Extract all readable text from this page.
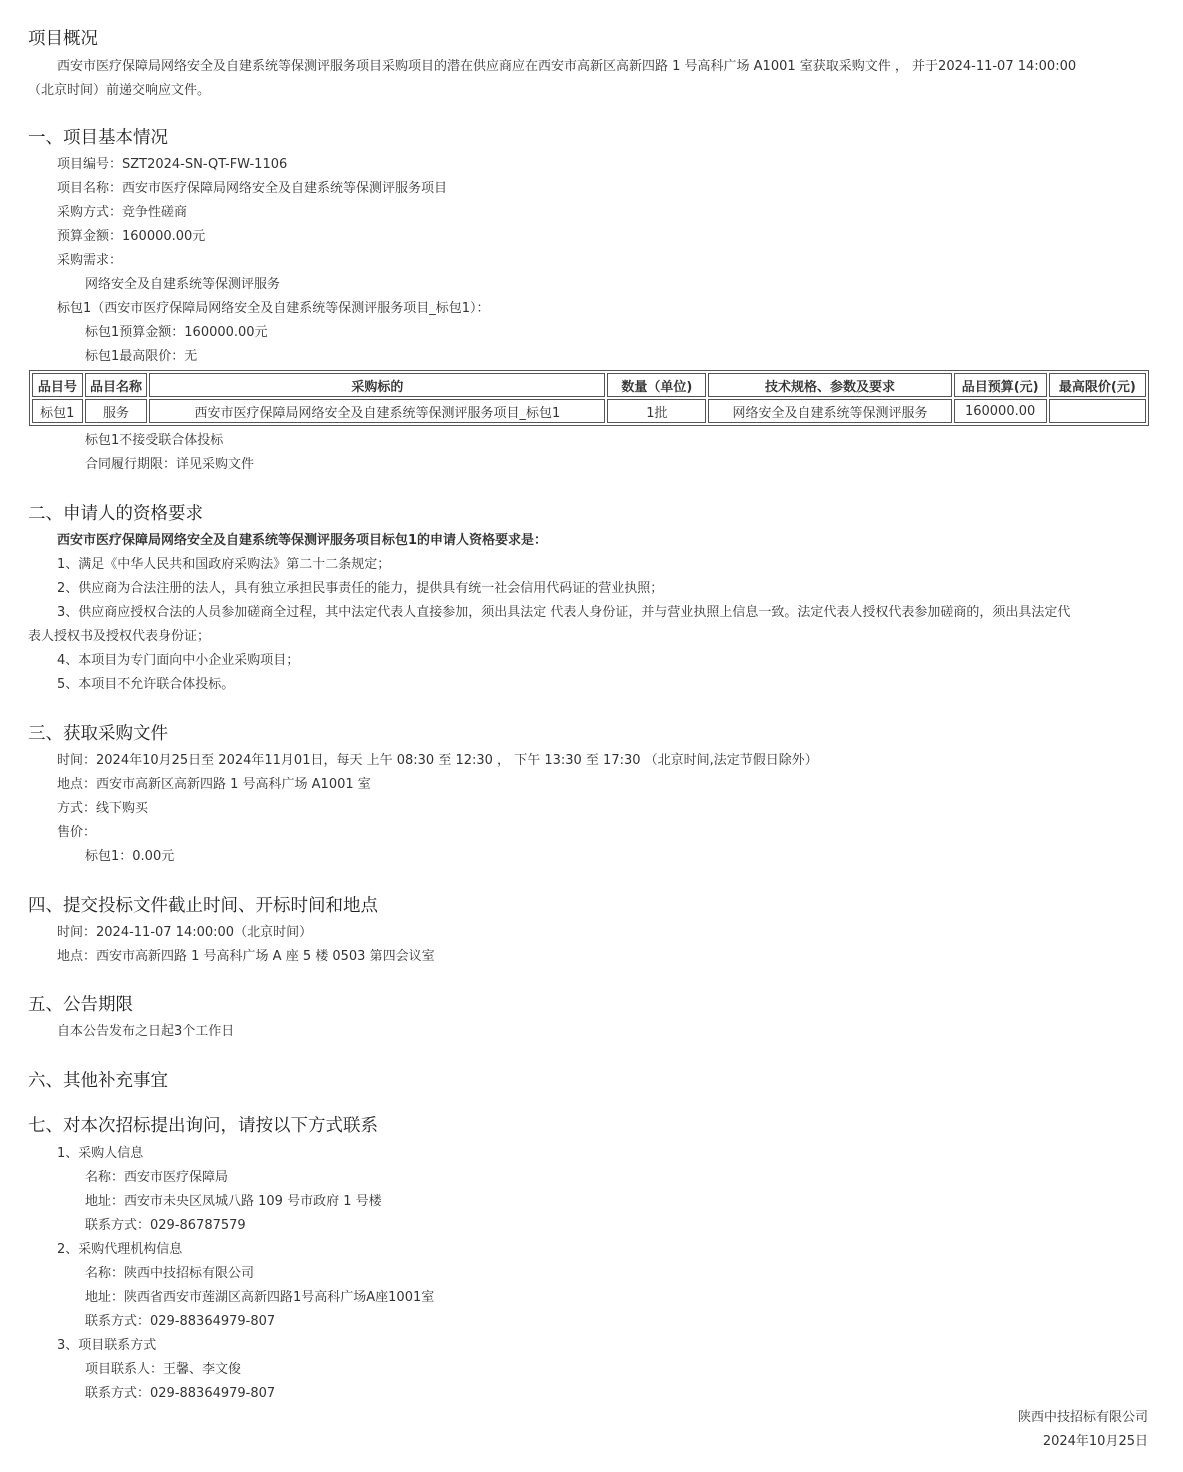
项目概况
西安市医疗保障局网络安全及自建系统等保测评服务项目采购项目的潜在供应商应在西安市高新区高新四路 1 号高科广场 A1001 室获取采购文件 ， 并于2024-11-07 14:00:00
（北京时间）前递交响应文件。
一、项目基本情况
项目编号：SZT2024-SN-QT-FW-1106
项目名称：西安市医疗保障局网络安全及自建系统等保测评服务项目
采购方式：竞争性磋商
预算金额：160000.00元
采购需求：
网络安全及自建系统等保测评服务
标包1（西安市医疗保障局网络安全及自建系统等保测评服务项目_标包1）：
标包1预算金额：160000.00元
标包1最高限价：无
品目号	品目名称	采购标的	数量（单位)	技术规格、参数及要求	品目预算(元)	最高限价(元)
标包1	服务	西安市医疗保障局网络安全及自建系统等保测评服务项目_标包1	1批	网络安全及自建系统等保测评服务	160000.00	
标包1不接受联合体投标
合同履行期限：详见采购文件
二、申请人的资格要求
西安市医疗保障局网络安全及自建系统等保测评服务项目标包1的申请人资格要求是：
1、满足《中华人民共和国政府采购法》第二十二条规定；
2、供应商为合法注册的法人，具有独立承担民事责任的能力，提供具有统一社会信用代码证的营业执照；
3、供应商应授权合法的人员参加磋商全过程，其中法定代表人直接参加，须出具法定 代表人身份证，并与营业执照上信息一致。法定代表人授权代表参加磋商的，须出具法定代
表人授权书及授权代表身份证；
4、本项目为专门面向中小企业采购项目；
5、本项目不允许联合体投标。
三、获取采购文件
时间：2024年10月25日至 2024年11月01日，每天 上午 08:30 至 12:30 ， 下午 13:30 至 17:30 （北京时间,法定节假日除外）
地点：西安市高新区高新四路 1 号高科广场 A1001 室
方式：线下购买
售价：
标包1：0.00元
四、提交投标文件截止时间、开标时间和地点
时间：2024-11-07 14:00:00（北京时间）
地点：西安市高新四路 1 号高科广场 A 座 5 楼 0503 第四会议室
五、公告期限
自本公告发布之日起3个工作日
六、其他补充事宜
七、对本次招标提出询问，请按以下方式联系
1、采购人信息
名称：西安市医疗保障局
地址：西安市未央区凤城八路 109 号市政府 1 号楼
联系方式：029-86787579
2、采购代理机构信息
名称：陕西中技招标有限公司
地址：陕西省西安市莲湖区高新四路1号高科广场A座1001室
联系方式：029-88364979-807
3、项目联系方式
项目联系人：王馨、李文俊
联系方式：029-88364979-807
陕西中技招标有限公司
2024年10月25日
